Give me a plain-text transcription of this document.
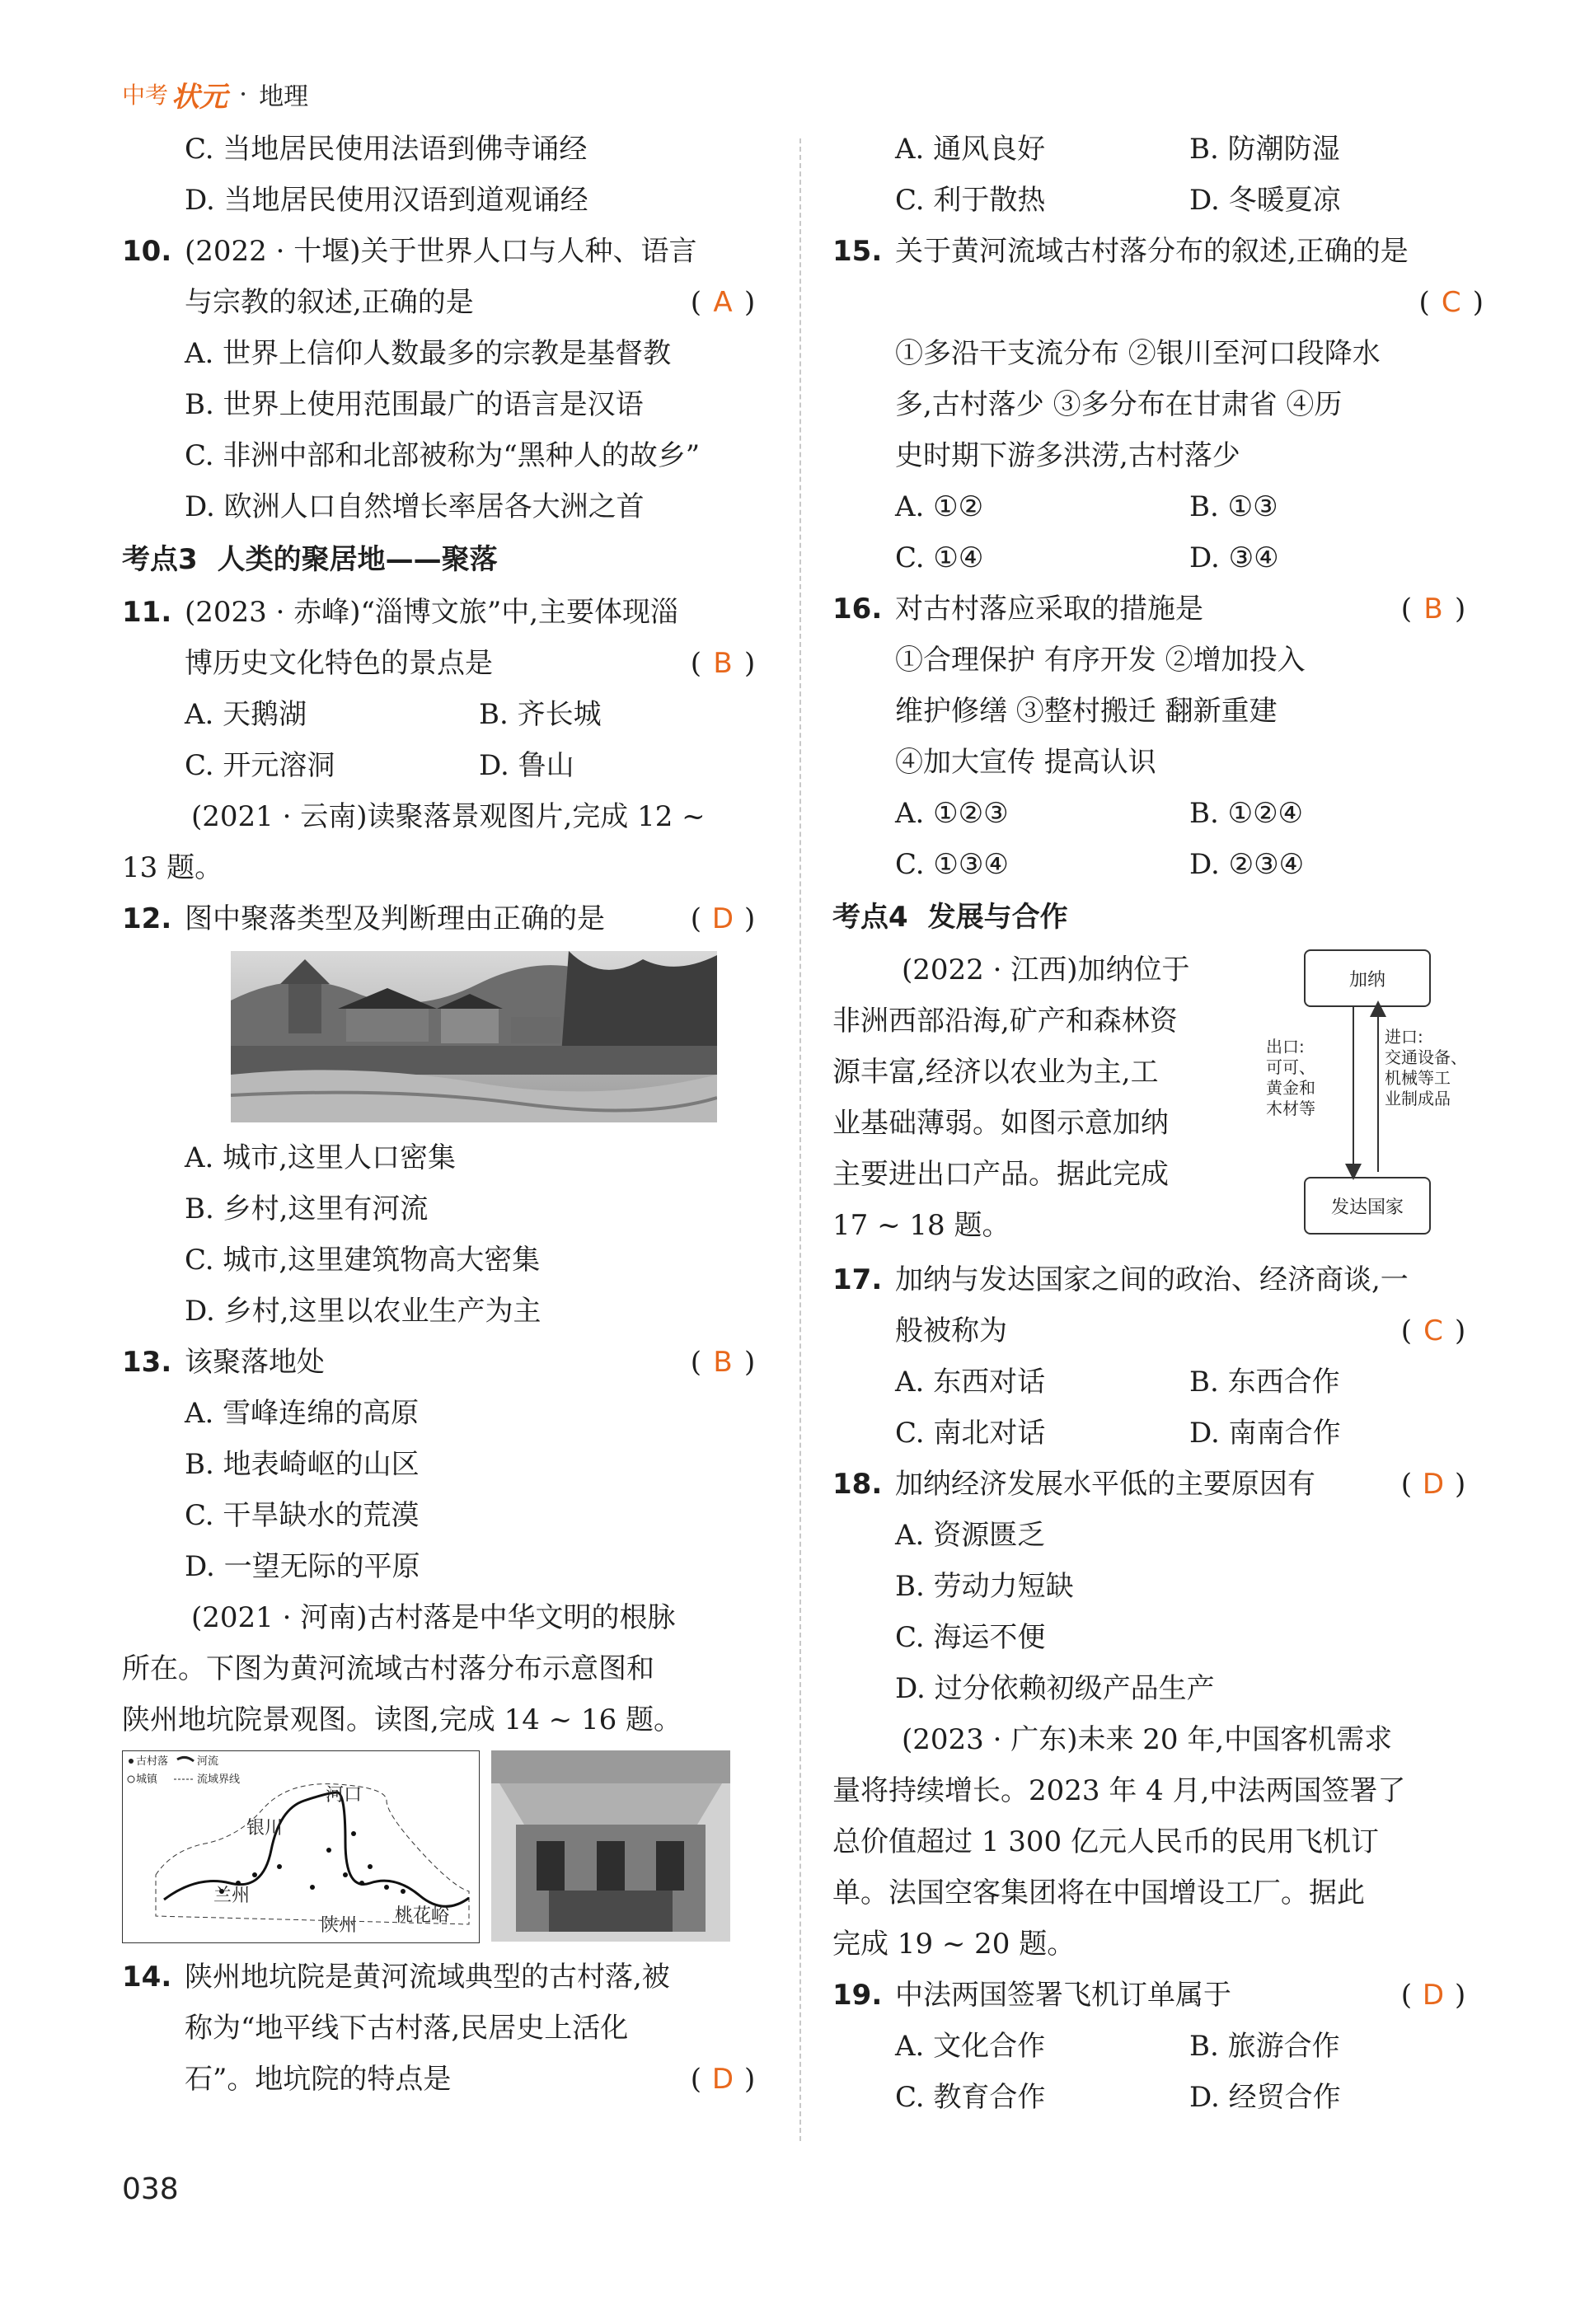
中考 状元 · 地理
C. 当地居民使用法语到佛寺诵经
D. 当地居民使用汉语到道观诵经
10. (2022 · 十堰)关于世界人口与人种、语言
与宗教的叙述,正确的是	( A )
A. 世界上信仰人数最多的宗教是基督教
B. 世界上使用范围最广的语言是汉语
C. 非洲中部和北部被称为“黑种人的故乡”
D. 欧洲人口自然增长率居各大洲之首
考点3 人类的聚居地——聚落
11. (2023 · 赤峰)“淄博文旅”中,主要体现淄
博历史文化特色的景点是	( B )
A. 天鹅湖	B. 齐长城
C. 开元溶洞	D. 鲁山
(2021 · 云南)读聚落景观图片,完成 12 ~
13 题。
12. 图中聚落类型及判断理由正确的是	( D )
A. 城市,这里人口密集
B. 乡村,这里有河流
C. 城市,这里建筑物高大密集
D. 乡村,这里以农业生产为主
13. 该聚落地处	( B )
A. 雪峰连绵的高原
B. 地表崎岖的山区
C. 干旱缺水的荒漠
D. 一望无际的平原
(2021 · 河南)古村落是中华文明的根脉
所在。下图为黄河流域古村落分布示意图和
陕州地坑院景观图。读图,完成 14 ~ 16 题。
古村落	河流
城镇	流域界线
河口
银川
兰州
陕州 桃花峪
14. 陕州地坑院是黄河流域典型的古村落,被
称为“地平线下古村落,民居史上活化
石”。地坑院的特点是	( D )
A. 通风良好	B. 防潮防湿
C. 利于散热	D. 冬暖夏凉
15. 关于黄河流域古村落分布的叙述,正确的是
( C )
①多沿干支流分布 ②银川至河口段降水
多,古村落少 ③多分布在甘肃省 ④历
史时期下游多洪涝,古村落少
A. ①②	B. ①③
C. ①④	D. ③④
16. 对古村落应采取的措施是	( B )
①合理保护 有序开发 ②增加投入
维护修缮 ③整村搬迁 翻新重建
④加大宣传 提高认识
A. ①②③	B. ①②④
C. ①③④	D. ②③④
考点4 发展与合作
(2022 · 江西)加纳位于
非洲西部沿海,矿产和森林资
源丰富,经济以农业为主,工
业基础薄弱。如图示意加纳
主要进出口产品。据此完成
17 ~ 18 题。
加纳
发达国家
出口:
可可、
黄金和
木材等
进口:
交通设备、
机械等工
业制成品
17. 加纳与发达国家之间的政治、经济商谈,一
般被称为	( C )
A. 东西对话	B. 东西合作
C. 南北对话	D. 南南合作
18. 加纳经济发展水平低的主要原因有	( D )
A. 资源匮乏
B. 劳动力短缺
C. 海运不便
D. 过分依赖初级产品生产
(2023 · 广东)未来 20 年,中国客机需求
量将持续增长。2023 年 4 月,中法两国签署了
总价值超过 1 300 亿元人民币的民用飞机订
单。法国空客集团将在中国增设工厂。据此
完成 19 ~ 20 题。
19. 中法两国签署飞机订单属于	( D )
A. 文化合作	B. 旅游合作
C. 教育合作	D. 经贸合作
038
